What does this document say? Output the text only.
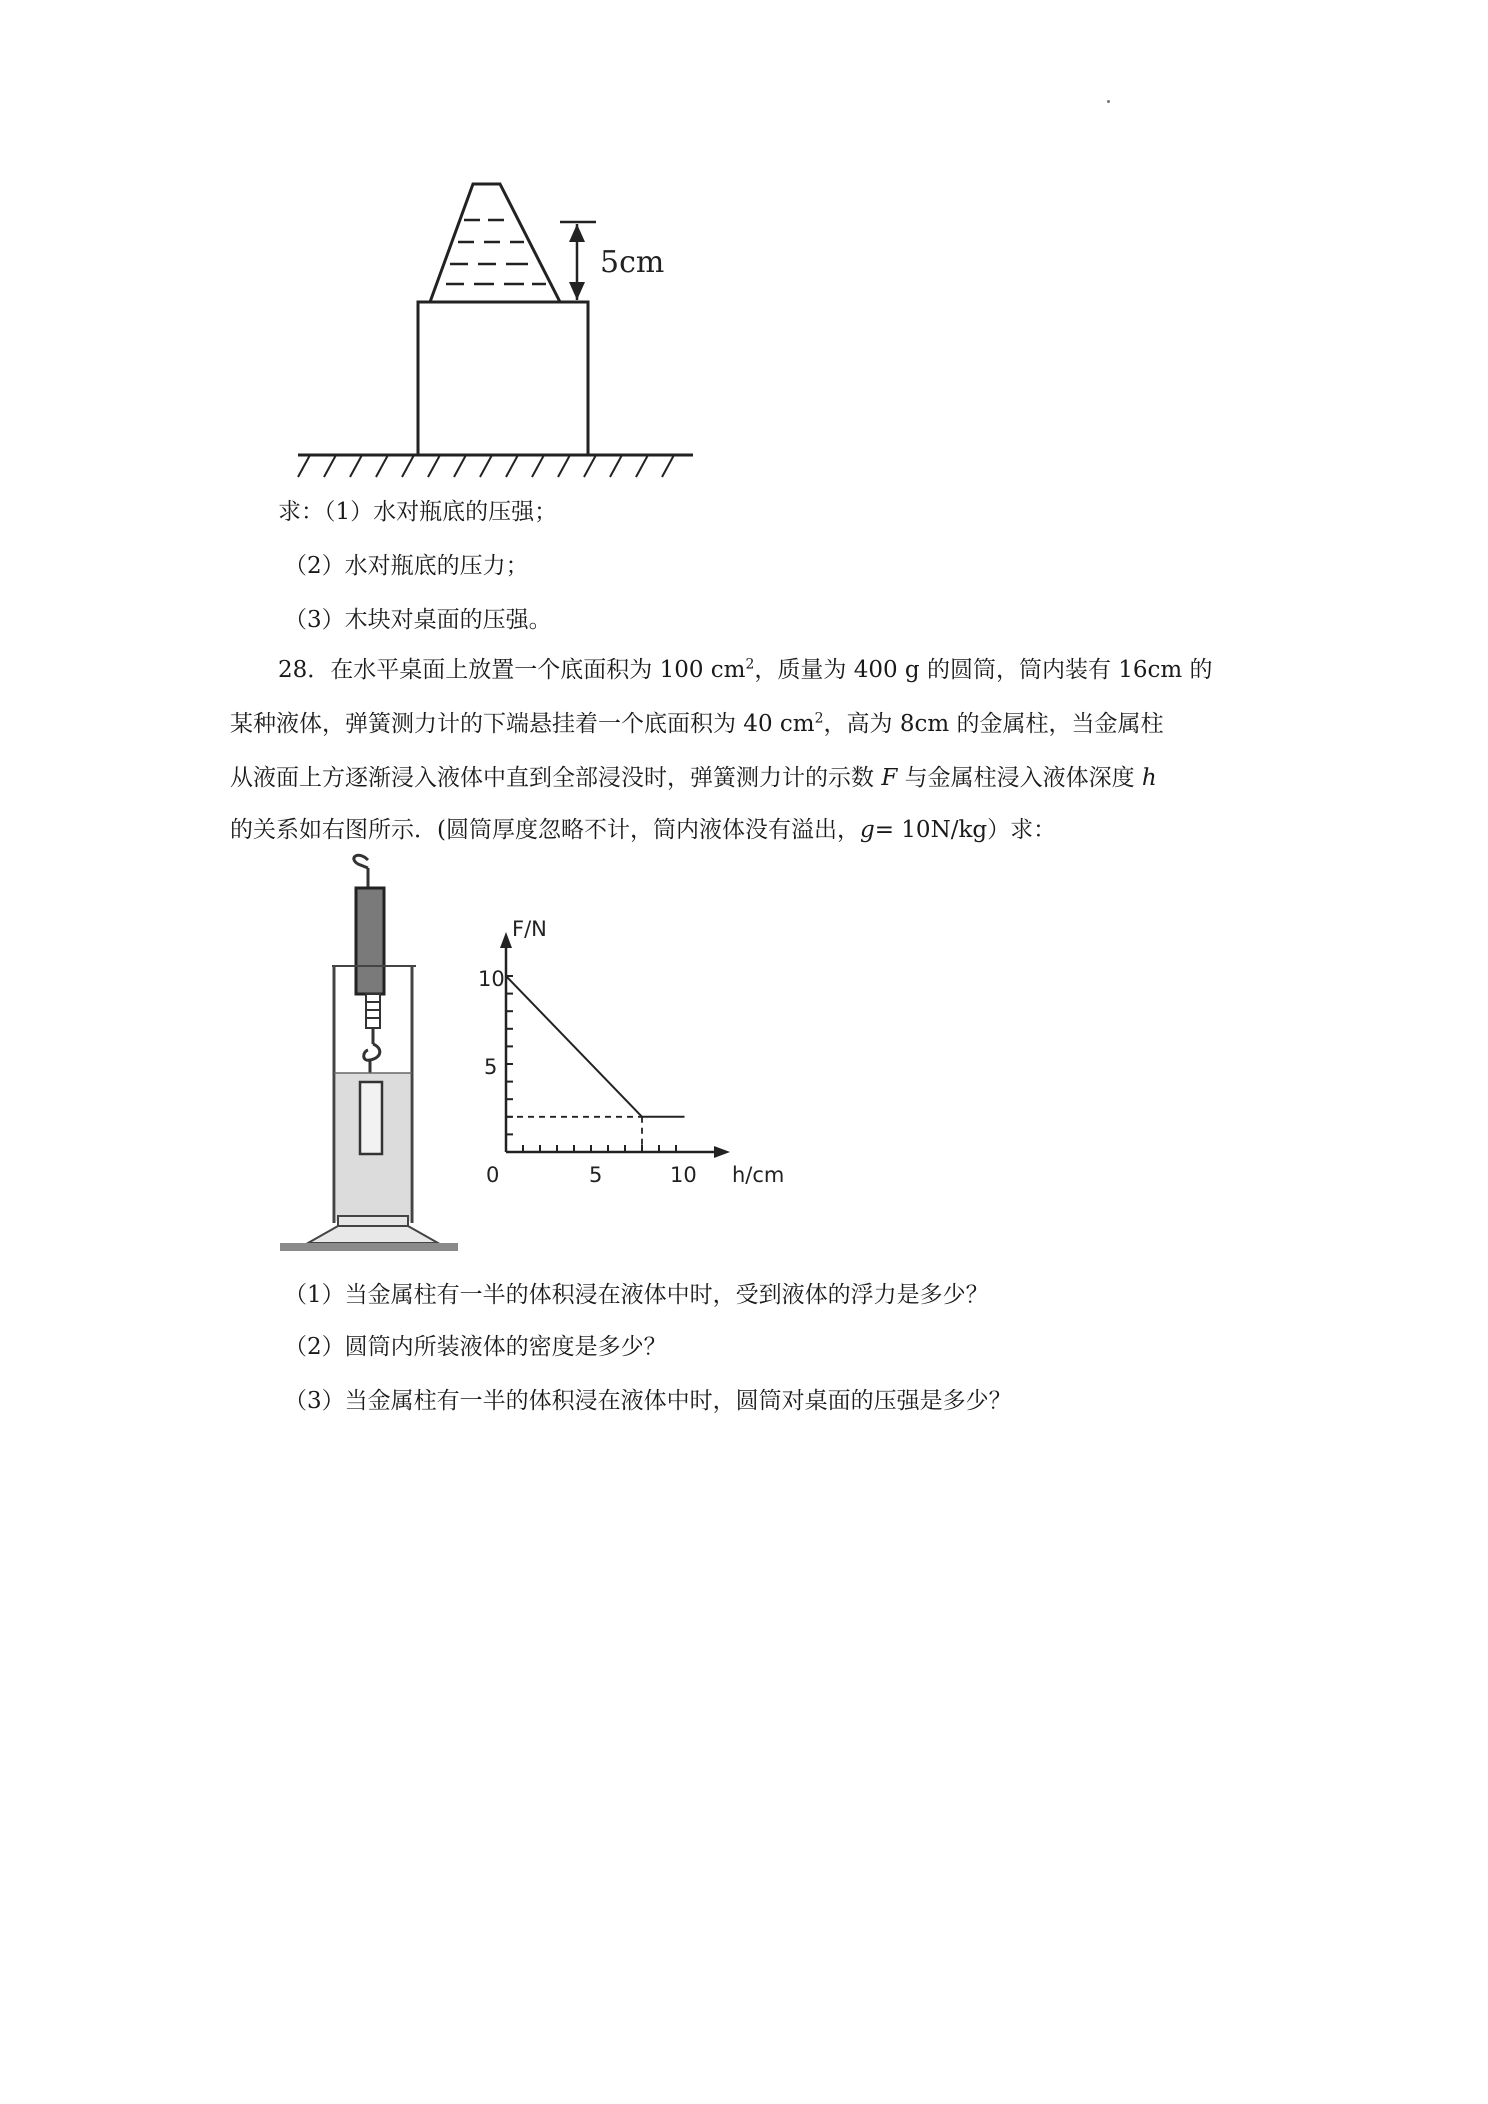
5cm
求：（1）水对瓶底的压强；
（2）水对瓶底的压力；
（3）木块对桌面的压强。
28．在水平桌面上放置一个底面积为 100 $cm^2$，质量为 400 g 的圆筒，筒内装有 16cm 的
某种液体，弹簧测力计的下端悬挂着一个底面积为 40 $cm^2$，高为 8cm 的金属柱，当金属柱
从液面上方逐渐浸入液体中直到全部浸没时，弹簧测力计的示数 F 与金属柱浸入液体深度 h
的关系如右图所示．(圆筒厚度忽略不计，筒内液体没有溢出，g= 10N/kg）求：
F/N
h/cm
0	5	10
10
5
（1）当金属柱有一半的体积浸在液体中时，受到液体的浮力是多少？
（2）圆筒内所装液体的密度是多少？
（3）当金属柱有一半的体积浸在液体中时，圆筒对桌面的压强是多少？
